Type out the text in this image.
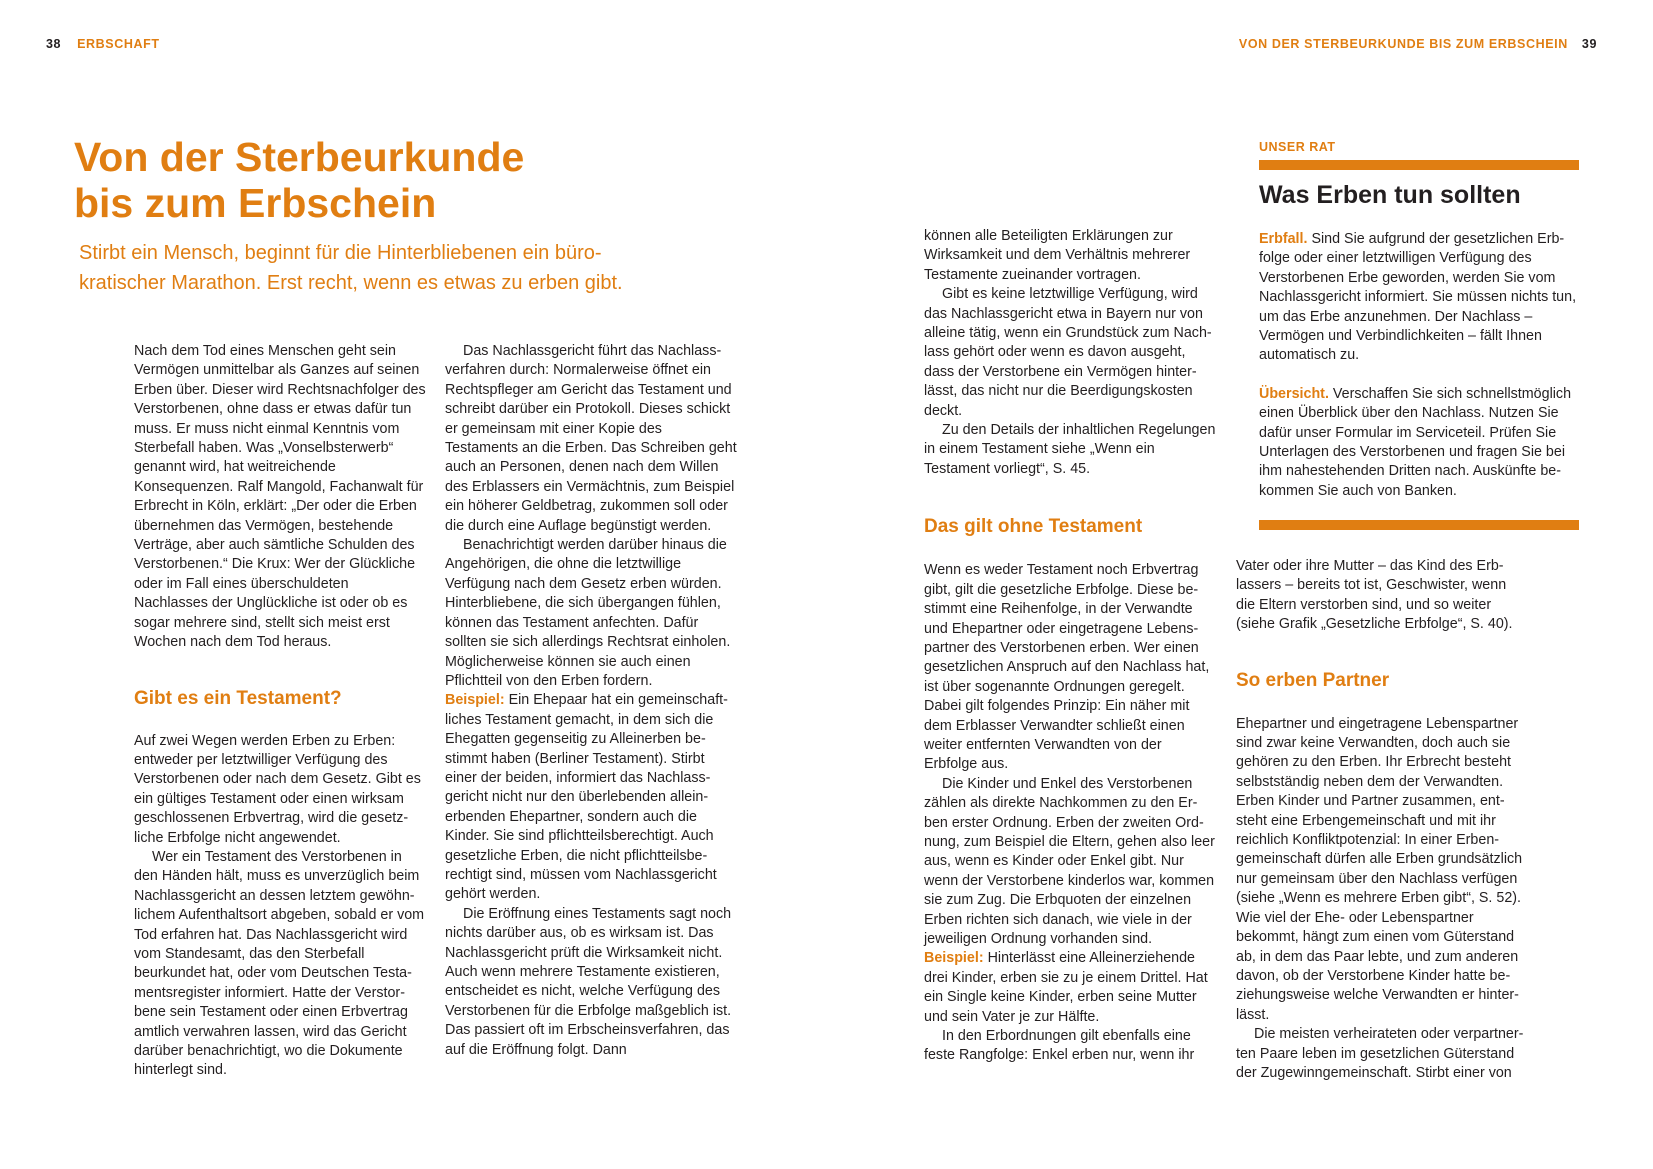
38 ERBSCHAFT	VON DER STERBEURKUNDE BIS ZUM ERBSCHEIN 39
Von der Sterbeurkunde
bis zum Erbschein

Stirbt ein Mensch, beginnt für die Hinterbliebenen ein büro-
kratischer Marathon. Erst recht, wenn es etwas zu erben gibt.

Nach dem Tod eines Menschen geht sein Vermögen unmittelbar als Ganzes auf seinen Erben über. Dieser wird Rechtsnachfolger des Verstorbenen, ohne dass er etwas dafür tun muss. Er muss nicht einmal Kenntnis vom Sterbefall haben. Was „Vonselbsterwerb“ genannt wird, hat weitreichende Konsequenzen. Ralf Mangold, Fachanwalt für Erbrecht in Köln, erklärt: „Der oder die Erben übernehmen das Vermögen, bestehende Verträge, aber auch sämtliche Schulden des Verstorbenen.“ Die Krux: Wer der Glückliche oder im Fall eines überschuldeten Nachlasses der Unglückliche ist oder ob es sogar mehrere sind, stellt sich meist erst Wochen nach dem Tod heraus.

Gibt es ein Testament?

Auf zwei Wegen werden Erben zu Erben: entweder per letztwilliger Verfügung des Verstorbenen oder nach dem Gesetz. Gibt es ein gültiges Testament oder einen wirksam geschlossenen Erbvertrag, wird die gesetzliche Erbfolge nicht angewendet.

Wer ein Testament des Verstorbenen in den Händen hält, muss es unverzüglich beim Nachlassgericht an dessen letztem gewöhnlichem Aufenthaltsort abgeben, sobald er vom Tod erfahren hat. Das Nachlassgericht wird vom Standesamt, das den Sterbefall beurkundet hat, oder vom Deutschen Testamentsregister informiert. Hatte der Verstorbene sein Testament oder einen Erbvertrag amtlich verwahren lassen, wird das Gericht darüber benachrichtigt, wo die Dokumente hinterlegt sind.

Das Nachlassgericht führt das Nachlassverfahren durch: Normalerweise öffnet ein Rechtspfleger am Gericht das Testament und schreibt darüber ein Protokoll. Dieses schickt er gemeinsam mit einer Kopie des Testaments an die Erben. Das Schreiben geht auch an Personen, denen nach dem Willen des Erblassers ein Vermächtnis, zum Beispiel ein höherer Geldbetrag, zukommen soll oder die durch eine Auflage begünstigt werden.

Benachrichtigt werden darüber hinaus die Angehörigen, die ohne die letztwillige Verfügung nach dem Gesetz erben würden. Hinterbliebene, die sich übergangen fühlen, können das Testament anfechten. Dafür sollten sie sich allerdings Rechtsrat einholen. Möglicherweise können sie auch einen Pflichtteil von den Erben fordern.

Beispiel: Ein Ehepaar hat ein gemeinschaftliches Testament gemacht, in dem sich die Ehegatten gegenseitig zu Alleinerben bestimmt haben (Berliner Testament). Stirbt einer der beiden, informiert das Nachlassgericht nicht nur den überlebenden alleinerbenden Ehepartner, sondern auch die Kinder. Sie sind pflichtteilsberechtigt. Auch gesetzliche Erben, die nicht pflichtteilsberechtigt sind, müssen vom Nachlassgericht gehört werden.

Die Eröffnung eines Testaments sagt noch nichts darüber aus, ob es wirksam ist. Das Nachlassgericht prüft die Wirksamkeit nicht. Auch wenn mehrere Testamente existieren, entscheidet es nicht, welche Verfügung des Verstorbenen für die Erbfolge maßgeblich ist. Das passiert oft im Erbscheinsverfahren, das auf die Eröffnung folgt. Dann

können alle Beteiligten Erklärungen zur Wirksamkeit und dem Verhältnis mehrerer Testamente zueinander vortragen.

Gibt es keine letztwillige Verfügung, wird das Nachlassgericht etwa in Bayern nur von alleine tätig, wenn ein Grundstück zum Nachlass gehört oder wenn es davon ausgeht, dass der Verstorbene ein Vermögen hinterlässt, das nicht nur die Beerdigungskosten deckt.

Zu den Details der inhaltlichen Regelungen in einem Testament siehe „Wenn ein Testament vorliegt“, S. 45.

Das gilt ohne Testament

Wenn es weder Testament noch Erbvertrag gibt, gilt die gesetzliche Erbfolge. Diese bestimmt eine Reihenfolge, in der Verwandte und Ehepartner oder eingetragene Lebenspartner des Verstorbenen erben. Wer einen gesetzlichen Anspruch auf den Nachlass hat, ist über sogenannte Ordnungen geregelt. Dabei gilt folgendes Prinzip: Ein näher mit dem Erblasser Verwandter schließt einen weiter entfernten Verwandten von der Erbfolge aus.

Die Kinder und Enkel des Verstorbenen zählen als direkte Nachkommen zu den Erben erster Ordnung. Erben der zweiten Ordnung, zum Beispiel die Eltern, gehen also leer aus, wenn es Kinder oder Enkel gibt. Nur wenn der Verstorbene kinderlos war, kommen sie zum Zug. Die Erbquoten der einzelnen Erben richten sich danach, wie viele in der jeweiligen Ordnung vorhanden sind.

Beispiel: Hinterlässt eine Alleinerziehende drei Kinder, erben sie zu je einem Drittel. Hat ein Single keine Kinder, erben seine Mutter und sein Vater je zur Hälfte.

In den Erbordnungen gilt ebenfalls eine feste Rangfolge: Enkel erben nur, wenn ihr

Vater oder ihre Mutter – das Kind des Erblassers – bereits tot ist, Geschwister, wenn die Eltern verstorben sind, und so weiter (siehe Grafik „Gesetzliche Erbfolge“, S. 40).

So erben Partner

Ehepartner und eingetragene Lebenspartner sind zwar keine Verwandten, doch auch sie gehören zu den Erben. Ihr Erbrecht besteht selbstständig neben dem der Verwandten. Erben Kinder und Partner zusammen, entsteht eine Erbengemeinschaft und mit ihr reichlich Konfliktpotenzial: In einer Erbengemeinschaft dürfen alle Erben grundsätzlich nur gemeinsam über den Nachlass verfügen (siehe „Wenn es mehrere Erben gibt“, S. 52). Wie viel der Ehe- oder Lebenspartner bekommt, hängt zum einen vom Güterstand ab, in dem das Paar lebte, und zum anderen davon, ob der Verstorbene Kinder hatte beziehungsweise welche Verwandten er hinterlässt.

Die meisten verheirateten oder verpartnerten Paare leben im gesetzlichen Güterstand der Zugewinngemeinschaft. Stirbt einer von

UNSER RAT
Was Erben tun sollten

Erbfall. Sind Sie aufgrund der gesetzlichen Erbfolge oder einer letztwilligen Verfügung des Verstorbenen Erbe geworden, werden Sie vom Nachlassgericht informiert. Sie müssen nichts tun, um das Erbe anzunehmen. Der Nachlass – Vermögen und Verbindlichkeiten – fällt Ihnen automatisch zu.

Übersicht. Verschaffen Sie sich schnellstmöglich einen Überblick über den Nachlass. Nutzen Sie dafür unser Formular im Serviceteil. Prüfen Sie Unterlagen des Verstorbenen und fragen Sie bei ihm nahestehenden Dritten nach. Auskünfte bekommen Sie auch von Banken.
